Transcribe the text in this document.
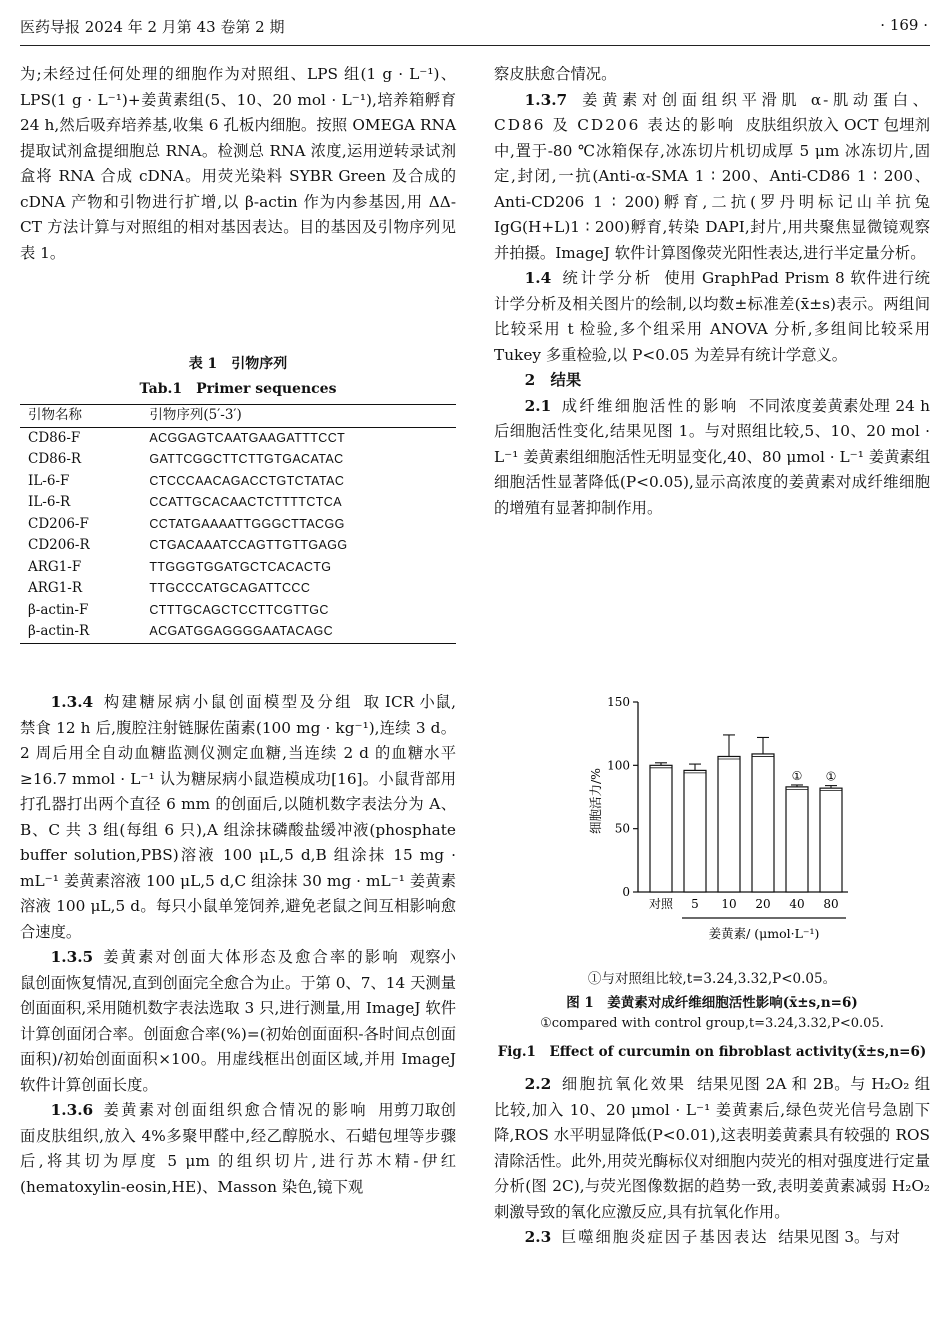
医药导报 2024 年 2 月第 43 卷第 2 期	· 169 ·

为;未经过任何处理的细胞作为对照组、LPS 组(1 g · L⁻¹)、LPS(1 g · L⁻¹)+姜黄素组(5、10、20 mol · L⁻¹),培养箱孵育 24 h,然后吸弃培养基,收集 6 孔板内细胞。按照 OMEGA RNA 提取试剂盒提细胞总 RNA。检测总 RNA 浓度,运用逆转录试剂盒将 RNA 合成 cDNA。用荧光染料 SYBR Green 及合成的 cDNA 产物和引物进行扩增,以 β-actin 作为内参基因,用 ΔΔ-CT 方法计算与对照组的相对基因表达。目的基因及引物序列见表 1。

表 1　引物序列
Tab.1　Primer sequences
引物名称	引物序列(5′-3′)
CD86-F	ACGGAGTCAATGAAGATTTCCT
CD86-R	GATTCGGCTTCTTGTGACATAC
IL-6-F	CTCCCAACAGACCTGTCTATAC
IL-6-R	CCATTGCACAACTCTTTTCTCA
CD206-F	CCTATGAAAATTGGGCTTACGG
CD206-R	CTGACAAATCCAGTTGTTGAGG
ARG1-F	TTGGGTGGATGCTCACACTG
ARG1-R	TTGCCCATGCAGATTCCC
β-actin-F	CTTTGCAGCTCCTTCGTTGC
β-actin-R	ACGATGGAGGGGAATACAGC

1.3.4 构建糖尿病小鼠创面模型及分组 取 ICR 小鼠,禁食 12 h 后,腹腔注射链脲佐菌素(100 mg · kg⁻¹),连续 3 d。2 周后用全自动血糖监测仪测定血糖,当连续 2 d 的血糖水平≥16.7 mmol · L⁻¹ 认为糖尿病小鼠造模成功[16]。小鼠背部用打孔器打出两个直径 6 mm 的创面后,以随机数字表法分为 A、B、C 共 3 组(每组 6 只),A 组涂抹磷酸盐缓冲液(phosphate buffer solution,PBS)溶液 100 μL,5 d,B 组涂抹 15 mg · mL⁻¹ 姜黄素溶液 100 μL,5 d,C 组涂抹 30 mg · mL⁻¹ 姜黄素溶液 100 μL,5 d。每只小鼠单笼饲养,避免老鼠之间互相影响愈合速度。

1.3.5 姜黄素对创面大体形态及愈合率的影响 观察小鼠创面恢复情况,直到创面完全愈合为止。于第 0、7、14 天测量创面面积,采用随机数字表法选取 3 只,进行测量,用 ImageJ 软件计算创面闭合率。创面愈合率(%)=(初始创面面积-各时间点创面面积)/初始创面面积×100。用虚线框出创面区域,并用 ImageJ 软件计算创面长度。

1.3.6 姜黄素对创面组织愈合情况的影响 用剪刀取创面皮肤组织,放入 4%多聚甲醛中,经乙醇脱水、石蜡包埋等步骤后,将其切为厚度 5 μm 的组织切片,进行苏木精-伊红(hematoxylin-eosin,HE)、Masson 染色,镜下观

察皮肤愈合情况。

1.3.7 姜黄素对创面组织平滑肌 α-肌动蛋白、CD86 及 CD206 表达的影响 皮肤组织放入 OCT 包埋剂中,置于-80 ℃冰箱保存,冰冻切片机切成厚 5 μm 冰冻切片,固定,封闭,一抗(Anti-α-SMA 1 ∶ 200、Anti-CD86 1 ∶ 200、Anti-CD206 1 ∶ 200)孵育,二抗(罗丹明标记山羊抗兔 IgG(H+L)1 ∶ 200)孵育,转染 DAPI,封片,用共聚焦显微镜观察并拍摄。ImageJ 软件计算图像荧光阳性表达,进行半定量分析。

1.4 统计学分析 使用 GraphPad Prism 8 软件进行统计学分析及相关图片的绘制,以均数±标准差(x̄±s)表示。两组间比较采用 t 检验,多个组采用 ANOVA 分析,多组间比较采用 Tukey 多重检验,以 P<0.05 为差异有统计学意义。

2　结果

2.1 成纤维细胞活性的影响 不同浓度姜黄素处理 24 h后细胞活性变化,结果见图 1。与对照组比较,5、10、20 mol · L⁻¹ 姜黄素组细胞活性无明显变化,40、80 μmol · L⁻¹ 姜黄素组细胞活性显著降低(P<0.05),显示高浓度的姜黄素对成纤维细胞的增殖有显著抑制作用。

0
50
100
150
细胞活力/%
对照 5 10 20 40
①
80
①
姜黄素/ (μmol·L⁻¹)
①与对照组比较,t=3.24,3.32,P<0.05。
图 1　姜黄素对成纤维细胞活性影响(x̄±s,n=6)
①compared with control group,t=3.24,3.32,P<0.05.
Fig.1　Effect of curcumin on fibroblast activity(x̄±s,n=6)

2.2 细胞抗氧化效果 结果见图 2A 和 2B。与 H₂O₂ 组比较,加入 10、20 μmol · L⁻¹ 姜黄素后,绿色荧光信号急剧下降,ROS 水平明显降低(P<0.01),这表明姜黄素具有较强的 ROS 清除活性。此外,用荧光酶标仪对细胞内荧光的相对强度进行定量分析(图 2C),与荧光图像数据的趋势一致,表明姜黄素减弱 H₂O₂ 刺激导致的氧化应激反应,具有抗氧化作用。

2.3 巨噬细胞炎症因子基因表达 结果见图 3。与对
